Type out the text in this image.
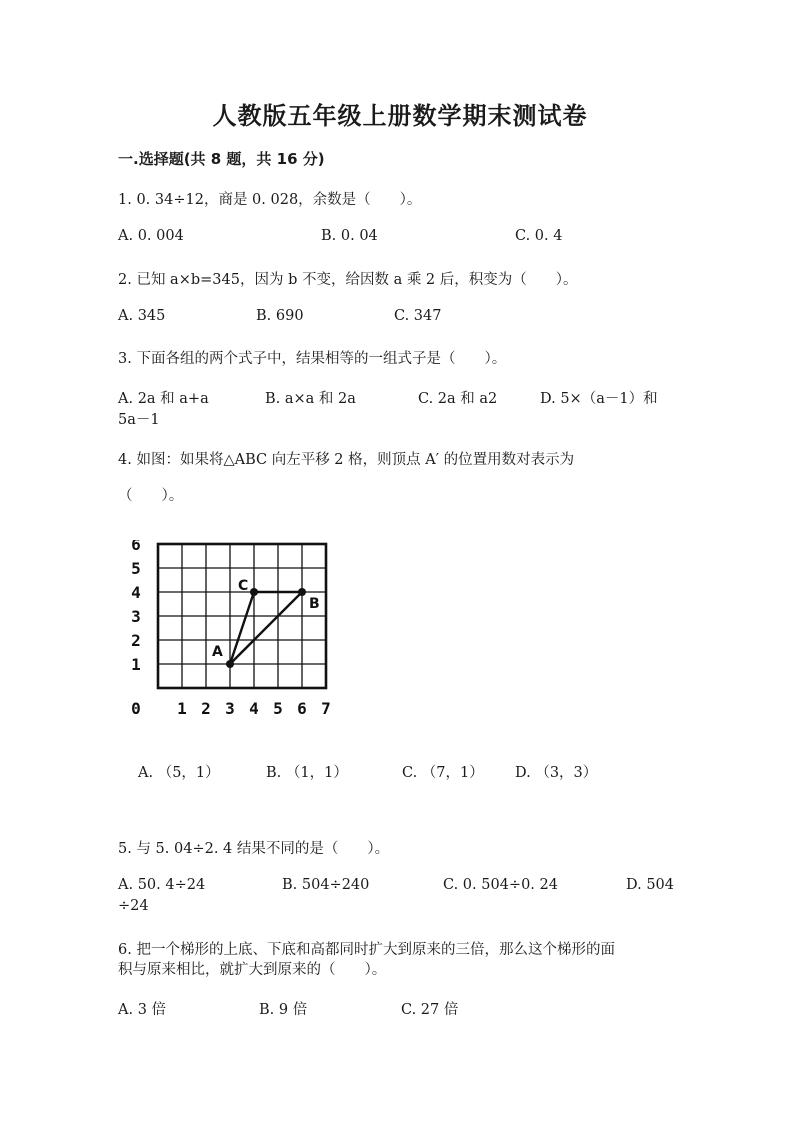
人教版五年级上册数学期末测试卷
一.选择题(共 8 题，共 16 分)
1. 0. 34÷12，商是 0. 028，余数是（　　）。
A. 0. 004	B. 0. 04	C. 0. 4
2. 已知 a×b=345，因为 b 不变，给因数 a 乘 2 后，积变为（　　）。
A. 345	B. 690	C. 347
3. 下面各组的两个式子中，结果相等的一组式子是（　　）。
A. 2a 和 a+a	B. a×a 和 2a	C. 2a 和 a2	D. 5×（a－1）和
5a－1
4. 如图：如果将△ABC 向左平移 2 格，则顶点 A′ 的位置用数对表示为
（　　）。
0 1 2 3 4 5 6 7
1
2
3
4
5
6
A
B
C
A. （5，1）	B. （1，1）	C. （7，1） D. （3，3）
5. 与 5. 04÷2. 4 结果不同的是（　　）。
A. 50. 4÷24	B. 504÷240	C. 0. 504÷0. 24	D. 504
÷24
6. 把一个梯形的上底、下底和高都同时扩大到原来的三倍，那么这个梯形的面
积与原来相比，就扩大到原来的（　　）。
A. 3 倍	B. 9 倍	C. 27 倍
